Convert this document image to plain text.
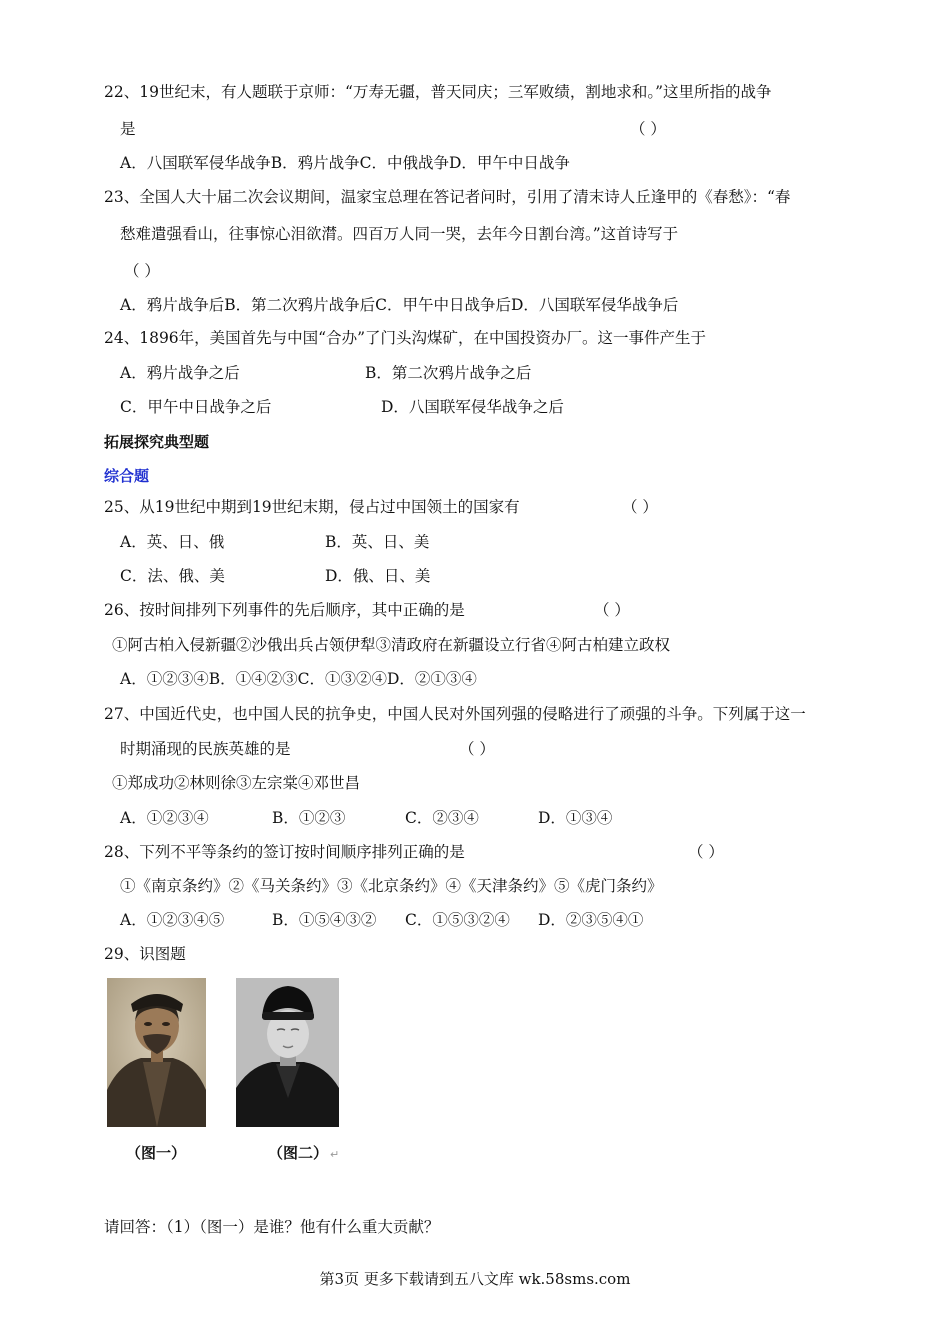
22、19世纪末，有人题联于京师：“万寿无疆，普天同庆；三军败绩，割地求和。”这里所指的战争
是	（ ）
A．八国联军侵华战争B．鸦片战争C．中俄战争D．甲午中日战争
23、全国人大十届二次会议期间，温家宝总理在答记者问时，引用了清末诗人丘逢甲的《春愁》：“春
愁难遣强看山，往事惊心泪欲潸。四百万人同一哭，去年今日割台湾。”这首诗写于
（ ）
A．鸦片战争后B．第二次鸦片战争后C．甲午中日战争后D．八国联军侵华战争后
24、1896年，美国首先与中国“合办”了门头沟煤矿，在中国投资办厂。这一事件产生于
A．鸦片战争之后	B．第二次鸦片战争之后
C．甲午中日战争之后	D．八国联军侵华战争之后
拓展探究典型题
综合题
25、从19世纪中期到19世纪末期，侵占过中国领土的国家有	（ ）
A．英、日、俄	B．英、日、美
C．法、俄、美	D．俄、日、美
26、按时间排列下列事件的先后顺序，其中正确的是	（ ）
①阿古柏入侵新疆②沙俄出兵占领伊犁③清政府在新疆设立行省④阿古柏建立政权
A．①②③④B．①④②③C．①③②④D．②①③④
27、中国近代史，也中国人民的抗争史，中国人民对外国列强的侵略进行了顽强的斗争。下列属于这一
时期涌现的民族英雄的是	（ ）
①郑成功②林则徐③左宗棠④邓世昌
A．①②③④	B．①②③	C．②③④	D．①③④
28、下列不平等条约的签订按时间顺序排列正确的是	（ ）
①《南京条约》②《马关条约》③《北京条约》④《天津条约》⑤《虎门条约》
A．①②③④⑤	B．①⑤④③② C．①⑤③②④ D．②③⑤④①
29、识图题
（图一）	（图二） ↵
请回答：（1）（图一）是谁？他有什么重大贡献？
第3页 更多下载请到五八文库 wk.58sms.com
